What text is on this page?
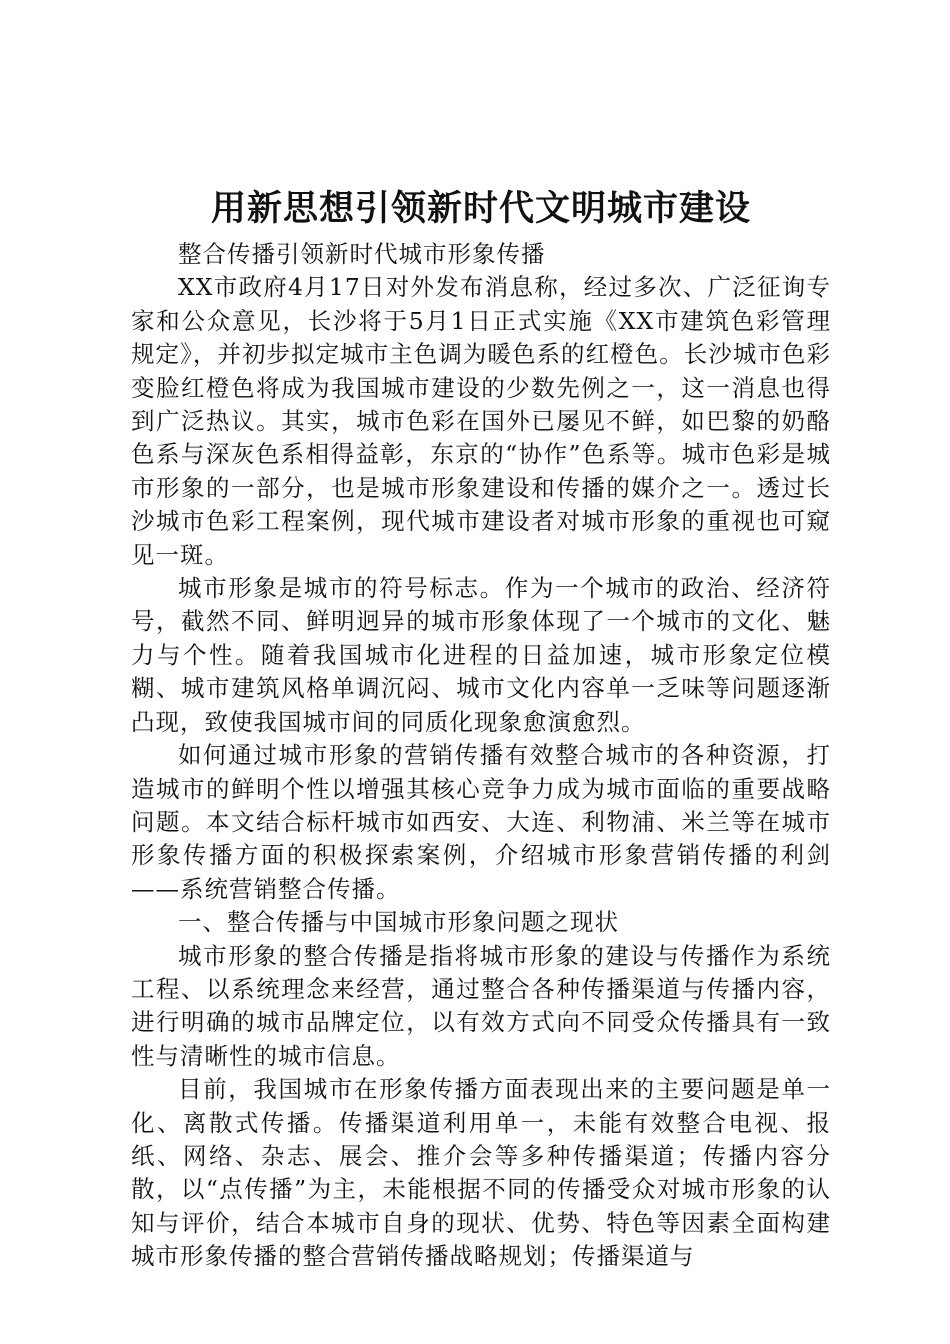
用新思想引领新时代文明城市建设

整合传播引领新时代城市形象传播

XX市政府4月17日对外发布消息称，经过多次、广泛征询专家和公众意见，长沙将于5月1日正式实施《XX市建筑色彩管理规定》，并初步拟定城市主色调为暖色系的红橙色。长沙城市色彩变脸红橙色将成为我国城市建设的少数先例之一，这一消息也得到广泛热议。其实，城市色彩在国外已屡见不鲜，如巴黎的奶酪色系与深灰色系相得益彰，东京的“协作”色系等。城市色彩是城市形象的一部分，也是城市形象建设和传播的媒介之一。透过长沙城市色彩工程案例，现代城市建设者对城市形象的重视也可窥见一斑。

城市形象是城市的符号标志。作为一个城市的政治、经济符号，截然不同、鲜明迥异的城市形象体现了一个城市的文化、魅力与个性。随着我国城市化进程的日益加速，城市形象定位模糊、城市建筑风格单调沉闷、城市文化内容单一乏味等问题逐渐凸现，致使我国城市间的同质化现象愈演愈烈。

如何通过城市形象的营销传播有效整合城市的各种资源，打造城市的鲜明个性以增强其核心竞争力成为城市面临的重要战略问题。本文结合标杆城市如西安、大连、利物浦、米兰等在城市形象传播方面的积极探索案例，介绍城市形象营销传播的利剑——系统营销整合传播。

一、整合传播与中国城市形象问题之现状

城市形象的整合传播是指将城市形象的建设与传播作为系统工程、以系统理念来经营，通过整合各种传播渠道与传播内容，进行明确的城市品牌定位，以有效方式向不同受众传播具有一致性与清晰性的城市信息。

目前，我国城市在形象传播方面表现出来的主要问题是单一化、离散式传播。传播渠道利用单一，未能有效整合电视、报纸、网络、杂志、展会、推介会等多种传播渠道；传播内容分散，以“点传播”为主，未能根据不同的传播受众对城市形象的认知与评价，结合本城市自身的现状、优势、特色等因素全面构建城市形象传播的整合营销传播战略规划；传播渠道与
